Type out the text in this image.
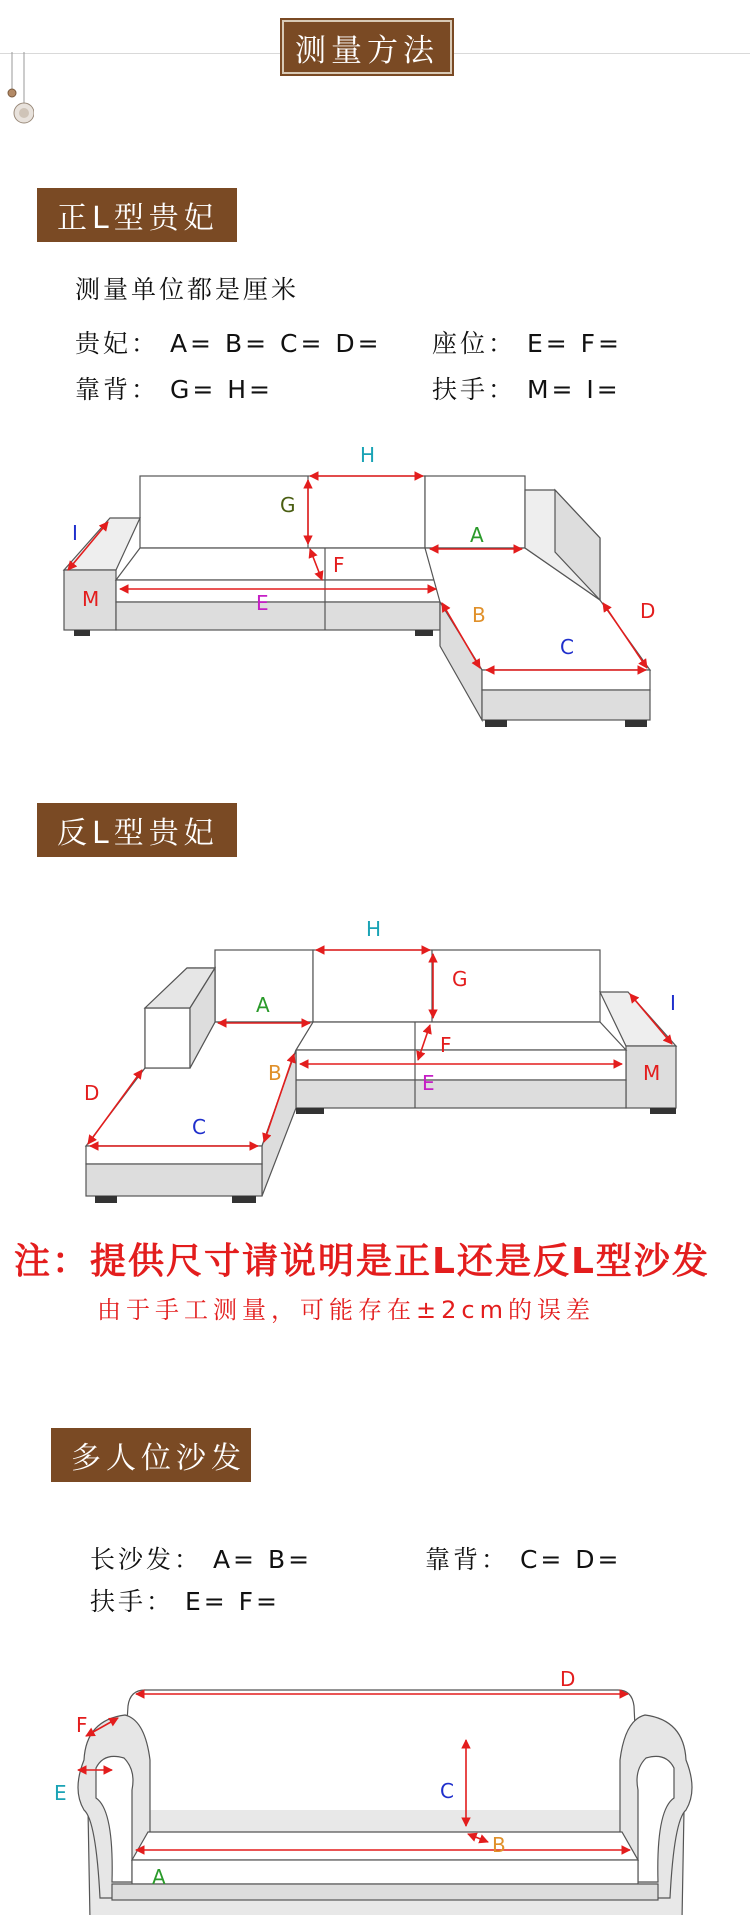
测量方法
正L型贵妃
测量单位都是厘米
贵妃： A= B= C= D= 座位： E= F=
靠背： G= H=	扶手： M= I=
H
G
I	A
F
M	E	B	D
C
反L型贵妃
H
G
I
A
F
M
E
B
D
C
注：提供尺寸请说明是正L还是反L型沙发
由于手工测量，可能存在±2cm的误差
多人位沙发
长沙发： A= B=	靠背： C= D=
扶手： E= F=
D
F
C
E
B
A
